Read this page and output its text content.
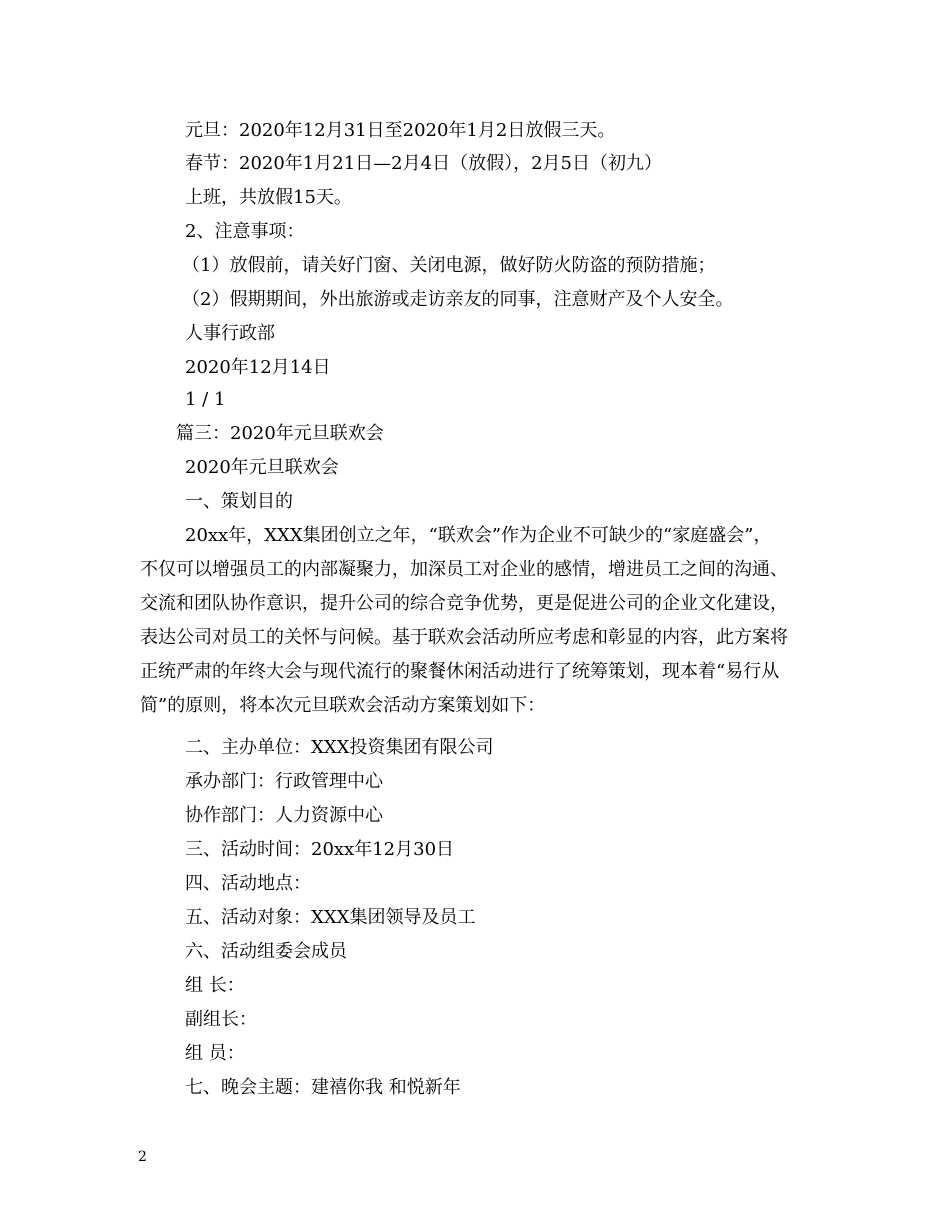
元旦：2020年12月31日至2020年1月2日放假三天。
春节：2020年1月21日—2月4日（放假），2月5日（初九）
上班，共放假15天。
2、注意事项：
（1）放假前，请关好门窗、关闭电源，做好防火防盗的预防措施；
（2）假期期间，外出旅游或走访亲友的同事，注意财产及个人安全。
人事行政部
2020年12月14日
1 / 1
篇三：2020年元旦联欢会
2020年元旦联欢会
一、策划目的
20xx年，XXX集团创立之年，“联欢会”作为企业不可缺少的“家庭盛会”，
不仅可以增强员工的内部凝聚力，加深员工对企业的感情，增进员工之间的沟通、
交流和团队协作意识，提升公司的综合竞争优势，更是促进公司的企业文化建设，
表达公司对员工的关怀与问候。基于联欢会活动所应考虑和彰显的内容，此方案将
正统严肃的年终大会与现代流行的聚餐休闲活动进行了统筹策划，现本着“易行从
简”的原则，将本次元旦联欢会活动方案策划如下：
二、主办单位：XXX投资集团有限公司
承办部门：行政管理中心
协作部门：人力资源中心
三、活动时间：20xx年12月30日
四、活动地点：
五、活动对象：XXX集团领导及员工
六、活动组委会成员
组 长：
副组长：
组 员：
七、晚会主题：建禧你我 和悦新年
2
